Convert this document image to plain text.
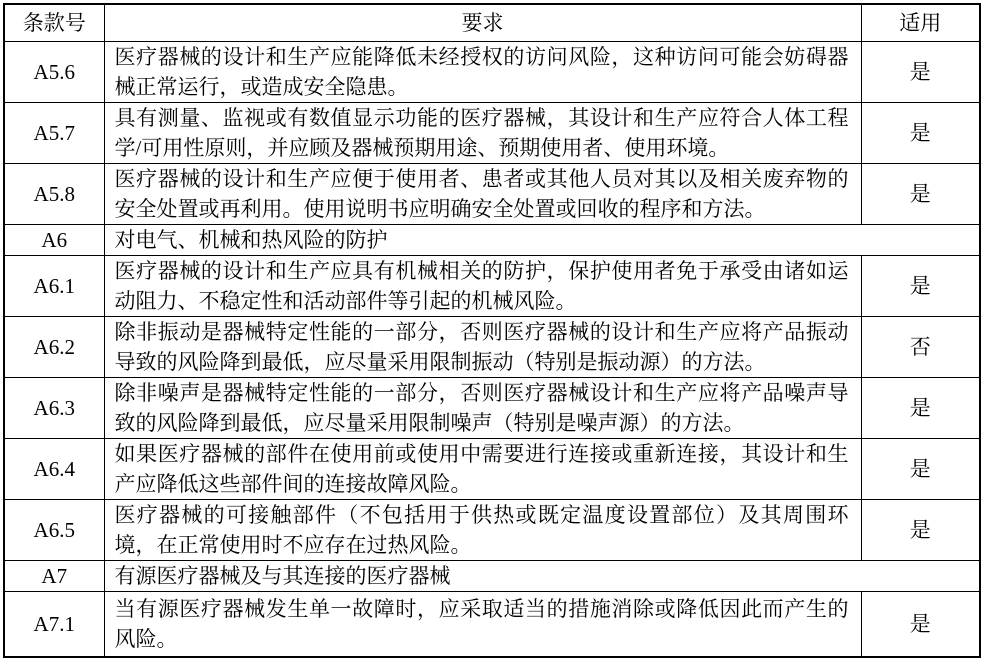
条款号	要求	适用
A5.6	医疗器械的设计和生产应能降低未经授权的访问风险，这种访问可能会妨碍器械正常运行，或造成安全隐患。	是
A5.7	具有测量、监视或有数值显示功能的医疗器械，其设计和生产应符合人体工程学/可用性原则，并应顾及器械预期用途、预期使用者、使用环境。	是
A5.8	医疗器械的设计和生产应便于使用者、患者或其他人员对其以及相关废弃物的安全处置或再利用。使用说明书应明确安全处置或回收的程序和方法。	是
A6	对电气、机械和热风险的防护	
A6.1	医疗器械的设计和生产应具有机械相关的防护，保护使用者免于承受由诸如运动阻力、不稳定性和活动部件等引起的机械风险。	是
A6.2	除非振动是器械特定性能的一部分，否则医疗器械的设计和生产应将产品振动导致的风险降到最低，应尽量采用限制振动（特别是振动源）的方法。	否
A6.3	除非噪声是器械特定性能的一部分，否则医疗器械设计和生产应将产品噪声导致的风险降到最低，应尽量采用限制噪声（特别是噪声源）的方法。	是
A6.4	如果医疗器械的部件在使用前或使用中需要进行连接或重新连接，其设计和生产应降低这些部件间的连接故障风险。	是
A6.5	医疗器械的可接触部件（不包括用于供热或既定温度设置部位）及其周围环境，在正常使用时不应存在过热风险。	是
A7	有源医疗器械及与其连接的医疗器械	
A7.1	当有源医疗器械发生单一故障时，应采取适当的措施消除或降低因此而产生的风险。	是
